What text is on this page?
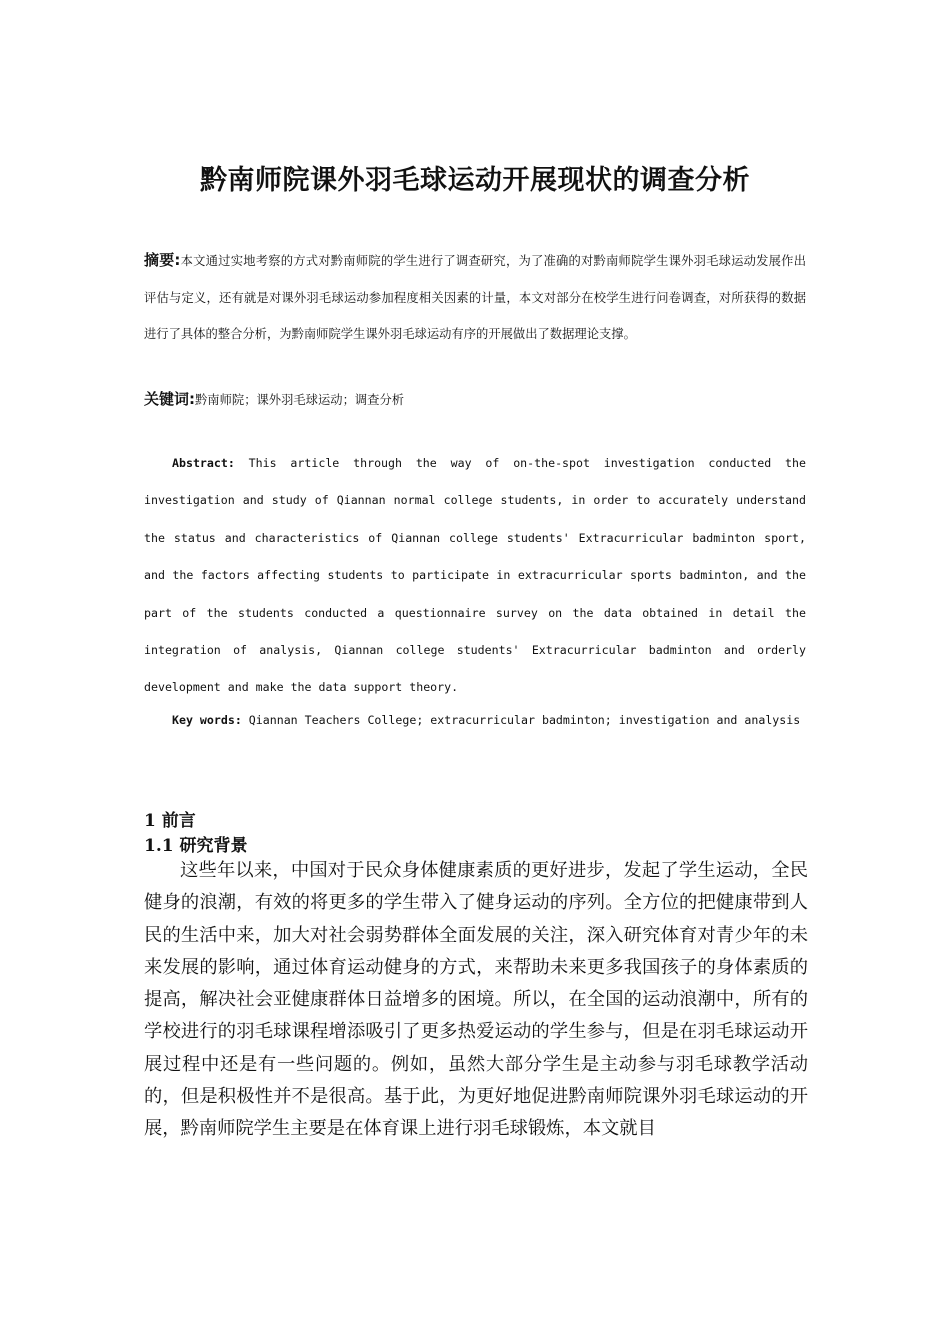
黔南师院课外羽毛球运动开展现状的调查分析

摘要:本文通过实地考察的方式对黔南师院的学生进行了调查研究，为了准确的对黔南师院学生课外羽毛球运动发展作出评估与定义，还有就是对课外羽毛球运动参加程度相关因素的计量，本文对部分在校学生进行问卷调查，对所获得的数据进行了具体的整合分析，为黔南师院学生课外羽毛球运动有序的开展做出了数据理论支撑。

关键词:黔南师院；课外羽毛球运动；调查分析

Abstract: This article through the way of on-the-spot investigation conducted the investigation and study of Qiannan normal college students, in order to accurately understand the status and characteristics of Qiannan college students' Extracurricular badminton sport, and the factors affecting students to participate in extracurricular sports badminton, and the part of the students conducted a questionnaire survey on the data obtained in detail the integration of analysis, Qiannan college students' Extracurricular badminton and orderly development and make the data support theory.

Key words: Qiannan Teachers College; extracurricular badminton; investigation and analysis

1 前言
1.1 研究背景

这些年以来，中国对于民众身体健康素质的更好进步，发起了学生运动，全民健身的浪潮，有效的将更多的学生带入了健身运动的序列。全方位的把健康带到人民的生活中来，加大对社会弱势群体全面发展的关注，深入研究体育对青少年的未来发展的影响，通过体育运动健身的方式，来帮助未来更多我国孩子的身体素质的提高，解决社会亚健康群体日益增多的困境。所以，在全国的运动浪潮中，所有的学校进行的羽毛球课程增添吸引了更多热爱运动的学生参与，但是在羽毛球运动开展过程中还是有一些问题的。例如，虽然大部分学生是主动参与羽毛球教学活动的，但是积极性并不是很高。基于此，为更好地促进黔南师院课外羽毛球运动的开展，黔南师院学生主要是在体育课上进行羽毛球锻炼，本文就目
